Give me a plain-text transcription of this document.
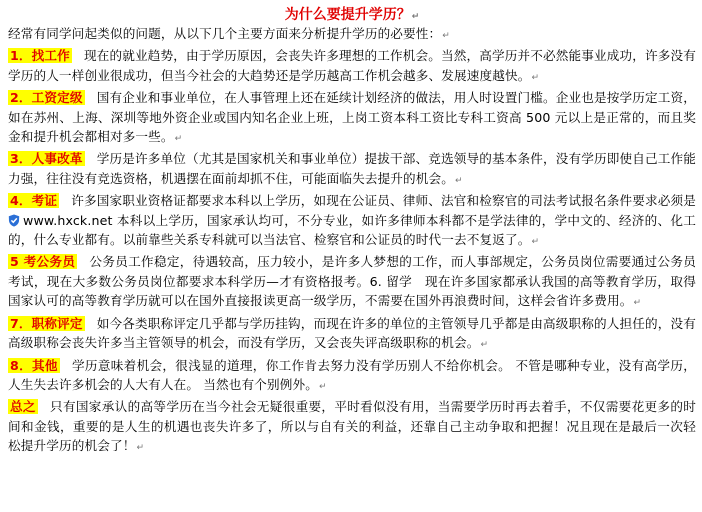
为什么要提升学历？↵

经常有同学问起类似的问题，从以下几个主要方面来分析提升学历的必要性：↵

1．找工作 现在的就业趋势，由于学历原因，会丧失许多理想的工作机会。当然，高学历并不必然能事业成功，许多没有学历的人一样创业很成功，但当今社会的大趋势还是学历越高工作机会越多、发展速度越快。↵

2．工资定级 国有企业和事业单位，在人事管理上还在延续计划经济的做法，用人时设置门槛。企业也是按学历定工资，如在苏州、上海、深圳等地外资企业或国内知名企业上班，上岗工资本科工资比专科工资高 500 元以上是正常的，而且奖金和提升机会都相对多一些。↵

3．人事改革 学历是许多单位（尤其是国家机关和事业单位）提拔干部、竞选领导的基本条件，没有学历即使自己工作能力强，往往没有竞选资格，机遇摆在面前却抓不住，可能面临失去提升的机会。↵

4．考证 许多国家职业资格证都要求本科以上学历，如现在公证员、律师、法官和检察官的司法考试报名条件要求必须是www.hxck.net 本科以上学历，国家承认均可，不分专业，如许多律师本科都不是学法律的，学中文的、经济的、化工的，什么专业都有。以前靠些关系专科就可以当法官、检察官和公证员的时代一去不复返了。↵

5 考公务员 公务员工作稳定，待遇较高，压力较小，是许多人梦想的工作，而人事部规定，公务员岗位需要通过公务员考试，现在大多数公务员岗位都要求本科学历—才有资格报考。6. 留学　现在许多国家都承认我国的高等教育学历，取得国家认可的高等教育学历就可以在国外直接报读更高一级学历，不需要在国外再浪费时间，这样会省许多费用。↵

7．职称评定 如今各类职称评定几乎都与学历挂钩，而现在许多的单位的主管领导几乎都是由高级职称的人担任的，没有高级职称会丧失许多当主管领导的机会，而没有学历，又会丧失评高级职称的机会。↵

8．其他 学历意味着机会，很浅显的道理，你工作肯去努力没有学历别人不给你机会。 不管是哪种专业，没有高学历，人生失去许多机会的人大有人在。 当然也有个别例外。↵

总之 只有国家承认的高等学历在当今社会无疑很重要，平时看似没有用，当需要学历时再去着手，不仅需要花更多的时间和金钱，重要的是人生的机遇也丧失许多了，所以与自有关的利益，还靠自己主动争取和把握！况且现在是最后一次轻松提升学历的机会了！↵
